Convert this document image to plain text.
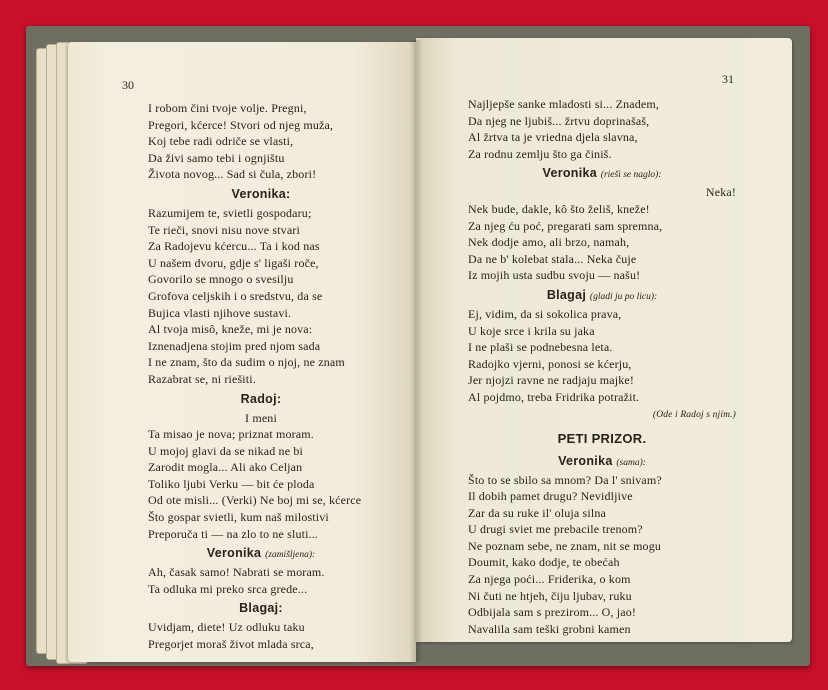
30	31
I robom čini tvoje volje. Pregni,
Pregori, kćerce! Stvori od njeg muža,
Koj tebe radi odriče se vlasti,
Da živi samo tebi i ognjištu
Života novog... Sad si čula, zbori!
Veronika:
Razumijem te, svietli gospodaru;
Te rieči, snovi nisu nove stvari
Za Radojevu kćercu... Ta i kod nas
U našem dvoru, gdje s' ligaši roče,
Govorilo se mnogo o svesilju
Grofova celjskih i o sredstvu, da se
Bujica vlasti njihove sustavi.
Al tvoja misô, kneže, mi je nova:
Iznenadjena stojim pred njom sada
I ne znam, što da sudim o njoj, ne znam
Razabrat se, ni riešiti.
Radoj:
I meni
Ta misao je nova; priznat moram.
U mojoj glavi da se nikad ne bi
Zarodit mogla... Ali ako Celjan
Toliko ljubi Verku — bit će ploda
Od ote misli... (Verki) Ne boj mi se, kćerce
Što gospar svietli, kum naš milostivi
Preporuča ti — na zlo to ne sluti...
Veronika (zamišljena):
Ah, časak samo! Nabrati se moram.
Ta odluka mi preko srca grede...
Blagaj:
Uvidjam, diete! Uz odluku taku
Pregorjet moraš život mlada srca,
Najljepše sanke mladosti si... Znadem,
Da njeg ne ljubiš... žrtvu doprinašaš,
Al žrtva ta je vriedna djela slavna,
Za rodnu zemlju što ga činiš.
Veronika (riešì se naglo):
Neka!
Nek bude, dakle, kô što želiš, kneže!
Za njeg ću poć, pregarati sam spremna,
Nek dodje amo, ali brzo, namah,
Da ne b' kolebat stala... Neka čuje
Iz mojih usta sudbu svoju — našu!
Blagaj (gladi ju po licu):
Ej, vidim, da si sokolica prava,
U koje srce i krila su jaka
I ne plaši se podnebesna leta.
Radojko vjerni, ponosi se kćerju,
Jer njojzi ravne ne radjaju majke!
Al pojdmo, treba Fridrika potražit.
(Ode i Radoj s njim.)
PETI PRIZOR.
Veronika (sama):
Što to se sbilo sa mnom? Da l' snivam?
Il dobih pamet drugu? Nevidljive
Zar da su ruke il' oluja silna
U drugi sviet me prebacile trenom?
Ne poznam sebe, ne znam, nit se mogu
Doumit, kako dodje, te obećah
Za njega poći... Friderika, o kom
Ni čuti ne htjeh, čiju ljubav, ruku
Odbijala sam s prezirom... O, jao!
Navalila sam teški grobni kamen
